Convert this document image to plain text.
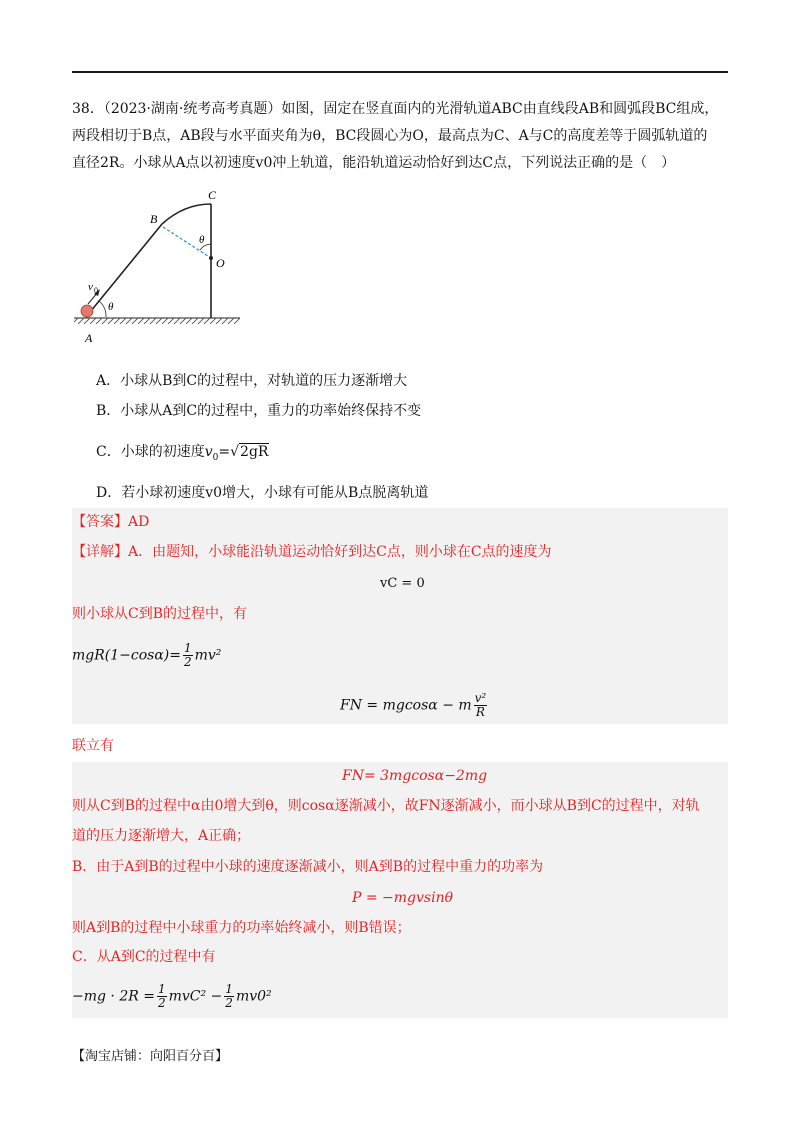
38．（2023·湖南·统考高考真题）如图，固定在竖直面内的光滑轨道ABC由直线段AB和圆弧段BC组成，

两段相切于B点，AB段与水平面夹角为θ，BC段圆心为O，最高点为C、A与C的高度差等于圆弧轨道的

直径2R。小球从A点以初速度v0冲上轨道，能沿轨道运动恰好到达C点，下列说法正确的是（　）

C
B
O
θ
θ
v 0
A
A．小球从B到C的过程中，对轨道的压力逐渐增大
B．小球从A到C的过程中，重力的功率始终保持不变
C．小球的初速度$v_0=√2gR$
D．若小球初速度v0增大，小球有可能从B点脱离轨道
【答案】AD
【详解】A．由题知，小球能沿轨道运动恰好到达C点，则小球在C点的速度为
vC = 0
则小球从C到B的过程中，有
$mgR(1-\cos\alpha)= \frac{1}{2} mv^2$
FN = mgcosα − m $\frac{\text{v²}}{R}$
联立有
FN= 3mgcosα−2mg
则从C到B的过程中α由0增大到θ，则cosα逐渐减小，故FN逐渐减小，而小球从B到C的过程中，对轨
道的压力逐渐增大，A正确；
B．由于A到B的过程中小球的速度逐渐减小，则A到B的过程中重力的功率为
P = −mgvsinθ
则A到B的过程中小球重力的功率始终减小，则B错误；
C．从A到C的过程中有
$-mg \cdot 2R = \frac{1}{2} mvC^2 - \frac{1}{2} mv0^2$
【淘宝店铺：向阳百分百】
